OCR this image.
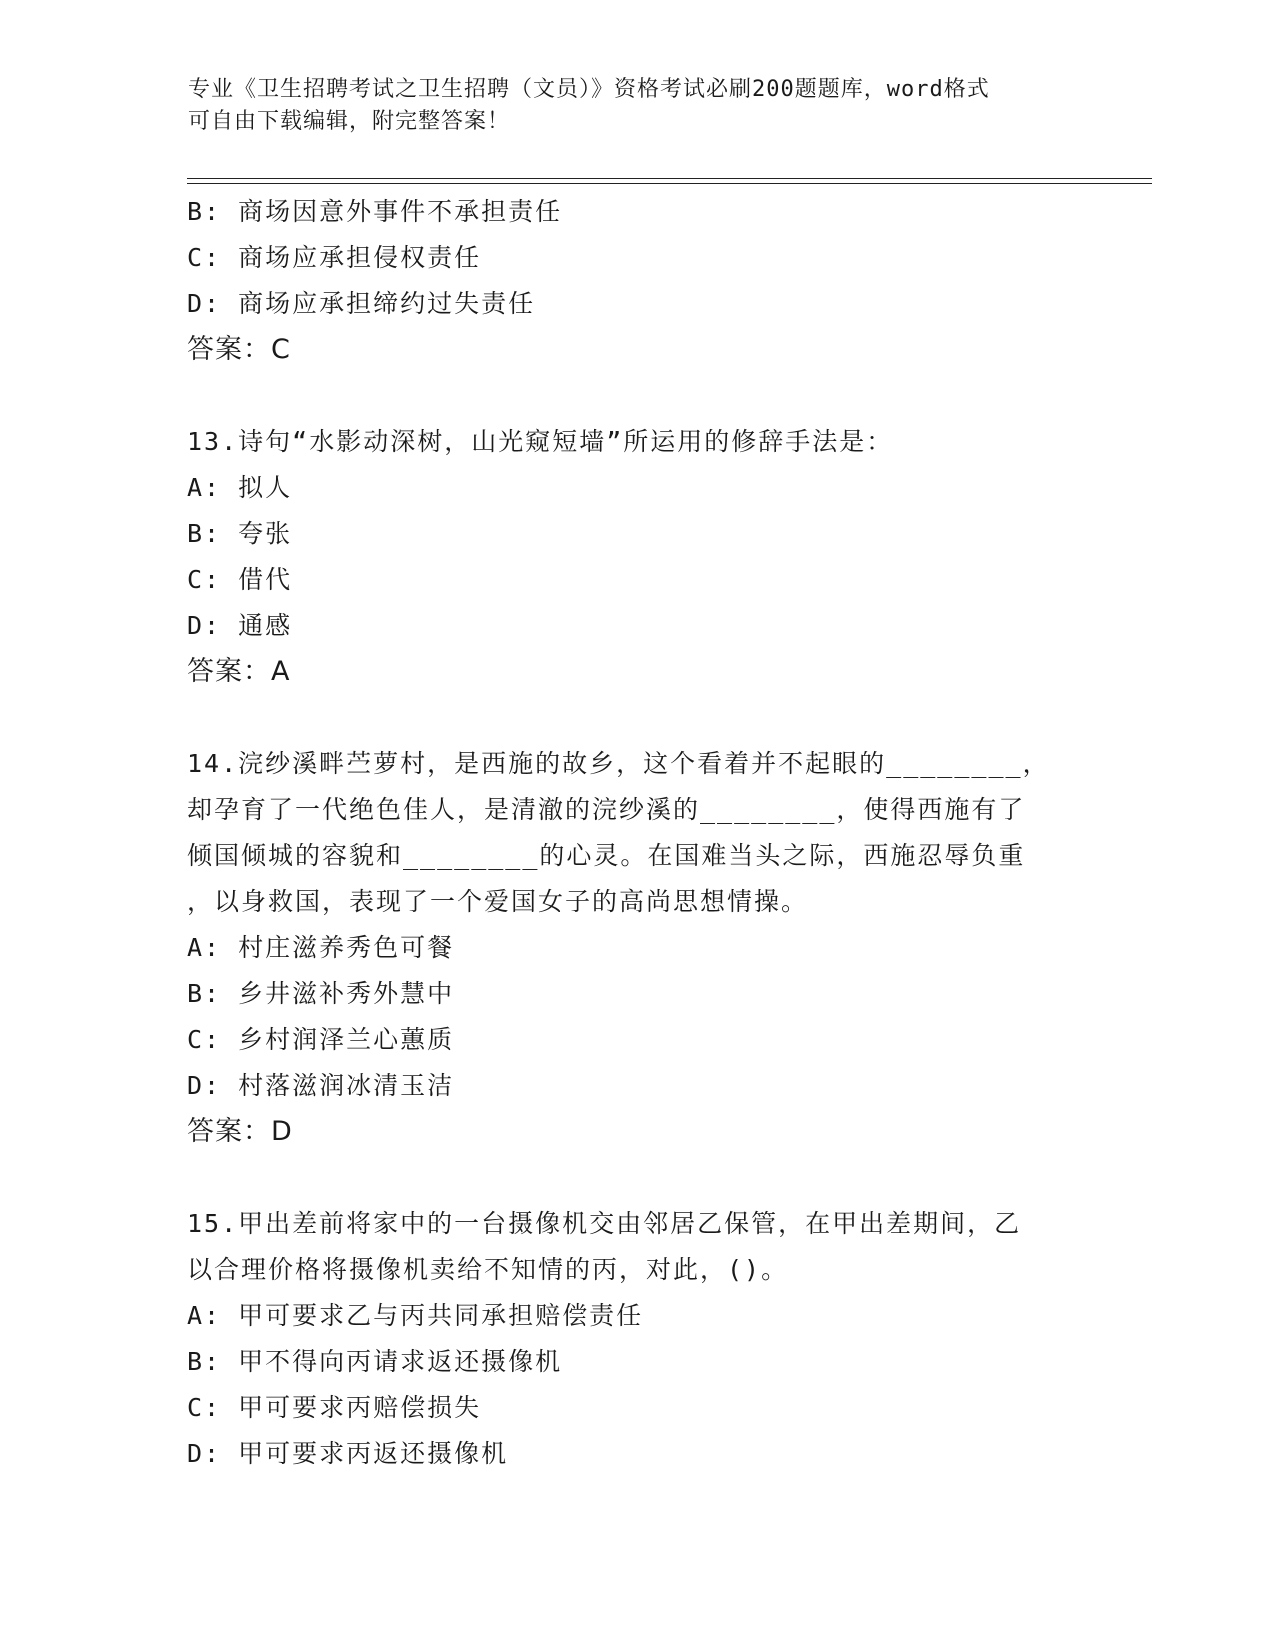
专业《卫生招聘考试之卫生招聘（文员）》资格考试必刷200题题库，word格式
可自由下载编辑，附完整答案！
B: 商场因意外事件不承担责任
C: 商场应承担侵权责任
D: 商场应承担缔约过失责任
答案：C
13.诗句“水影动深树，山光窥短墙”所运用的修辞手法是：
A: 拟人
B: 夸张
C: 借代
D: 通感
答案：A
14.浣纱溪畔苎萝村，是西施的故乡，这个看着并不起眼的________，
却孕育了一代绝色佳人，是清澈的浣纱溪的________，使得西施有了
倾国倾城的容貌和________的心灵。在国难当头之际，西施忍辱负重
，以身救国，表现了一个爱国女子的高尚思想情操。
A: 村庄滋养秀色可餐
B: 乡井滋补秀外慧中
C: 乡村润泽兰心蕙质
D: 村落滋润冰清玉洁
答案：D
15.甲出差前将家中的一台摄像机交由邻居乙保管，在甲出差期间，乙
以合理价格将摄像机卖给不知情的丙，对此，()。
A: 甲可要求乙与丙共同承担赔偿责任
B: 甲不得向丙请求返还摄像机
C: 甲可要求丙赔偿损失
D: 甲可要求丙返还摄像机
